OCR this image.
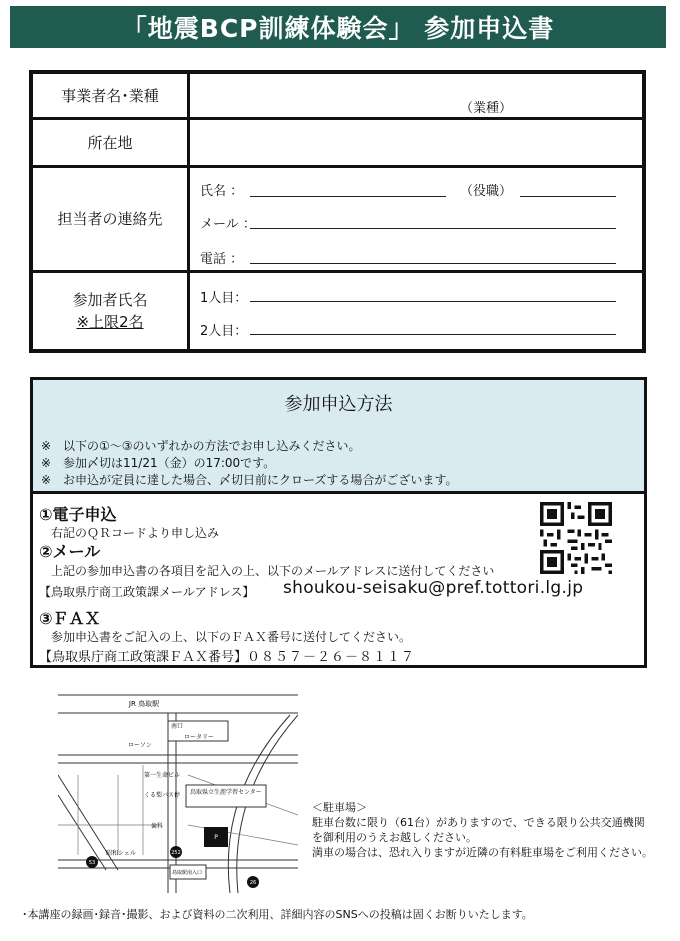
「地震BCP訓練体験会」 参加申込書
事業者名･業種
（業種）
所在地
担当者の連絡先
氏名 ：	（役職）
メール ：
電話 ：
参加者氏名
※上限2名
1人目：
2人目：
参加申込方法
※ 以下の①～③のいずれかの方法でお申し込みください。
※ 参加〆切は11/21（金）の17:00です。
※ お申込が定員に達した場合、〆切日前にクローズする場合がございます。
①電子申込
右記のＱＲコードより申し込み
②メール
上記の参加申込書の各項目を記入の上、以下のメールアドレスに送付してください
【鳥取県庁商工政策課メールアドレス】 shoukou-seisaku@pref.tottori.lg.jp
③ＦＡＸ
参加申込書をご記入の上、以下のＦＡＸ番号に送付してください。
【鳥取県庁商工政策課ＦＡＸ番号】０８５７－２６－８１１７
JR 鳥取駅
南口
ロータリー
ローソン
第一生命ビル
くる梨バス停
歯科
昭和シェル
鳥取県立生涯学習センター
P
鳥取駅南入口
53
252
26
＜駐車場＞
駐車台数に限り（61台）がありますので、できる限り公共交通機関
を御利用のうえお越しください。
満車の場合は、恐れ入りますが近隣の有料駐車場をご利用ください。
･本講座の録画･録音･撮影、および資料の二次利用、詳細内容のSNSへの投稿は固くお断りいたします。
